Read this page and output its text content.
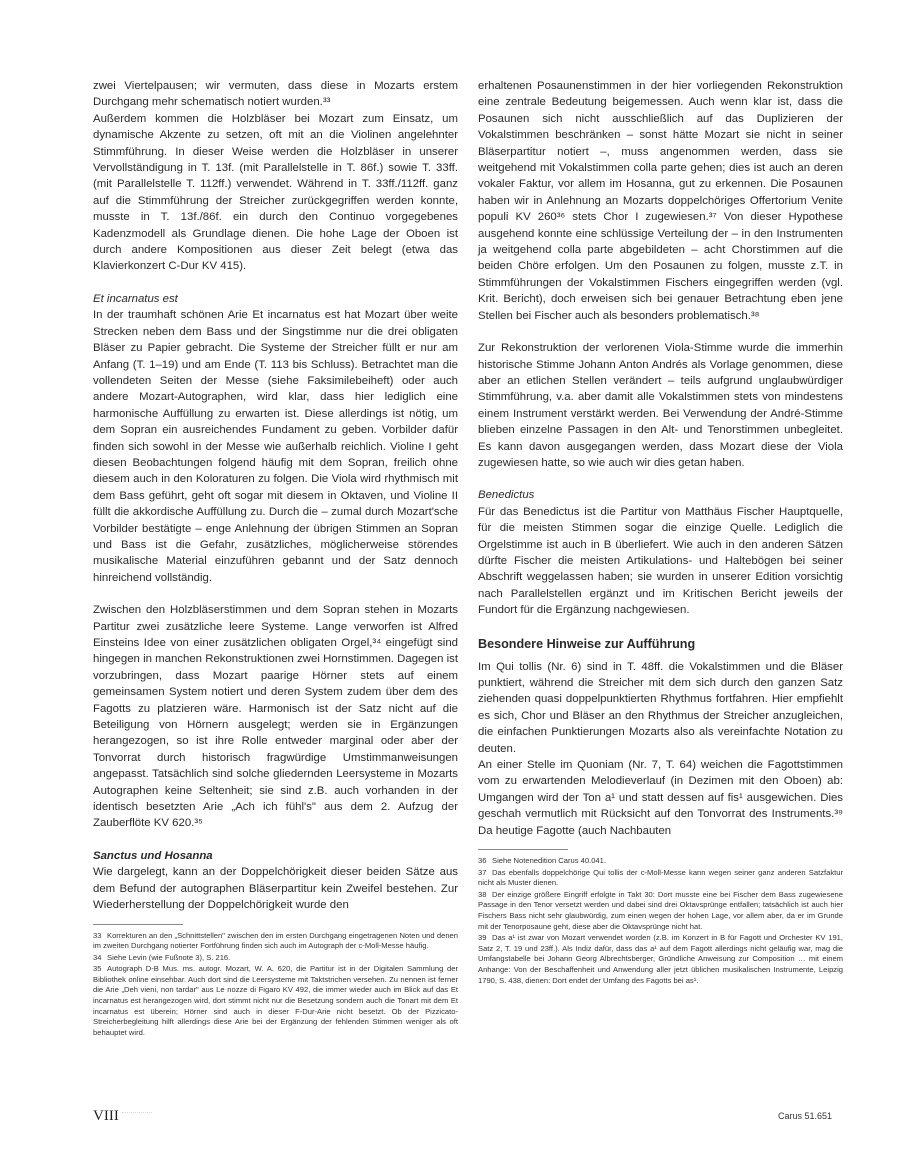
zwei Viertelpausen; wir vermuten, dass diese in Mozarts erstem Durchgang mehr schematisch notiert wurden.³³

Außerdem kommen die Holzbläser bei Mozart zum Einsatz, um dynamische Akzente zu setzen, oft mit an die Violinen angelehnter Stimmführung. In dieser Weise werden die Holzbläser in unserer Vervollständigung in T. 13f. (mit Parallelstelle in T. 86f.) sowie T. 33ff. (mit Parallelstelle T. 112ff.) verwendet. Während in T. 33ff./112ff. ganz auf die Stimmführung der Streicher zurückgegriffen werden konnte, musste in T. 13f./86f. ein durch den Continuo vorgegebenes Kadenzmodell als Grundlage dienen. Die hohe Lage der Oboen ist durch andere Kompositionen aus dieser Zeit belegt (etwa das Klavierkonzert C-Dur KV 415).

Et incarnatus est

In der traumhaft schönen Arie Et incarnatus est hat Mozart über weite Strecken neben dem Bass und der Singstimme nur die drei obligaten Bläser zu Papier gebracht. Die Systeme der Streicher füllt er nur am Anfang (T. 1–19) und am Ende (T. 113 bis Schluss). Betrachtet man die vollendeten Seiten der Messe (siehe Faksimilebeiheft) oder auch andere Mozart-Autographen, wird klar, dass hier lediglich eine harmonische Auffüllung zu erwarten ist. Diese allerdings ist nötig, um dem Sopran ein ausreichendes Fundament zu geben. Vorbilder dafür finden sich sowohl in der Messe wie außerhalb reichlich. Violine I geht diesen Beobachtungen folgend häufig mit dem Sopran, freilich ohne diesem auch in den Koloraturen zu folgen. Die Viola wird rhythmisch mit dem Bass geführt, geht oft sogar mit diesem in Oktaven, und Violine II füllt die akkordische Auffüllung zu. Durch die – zumal durch Mozart'sche Vorbilder bestätigte – enge Anlehnung der übrigen Stimmen an Sopran und Bass ist die Gefahr, zusätzliches, möglicherweise störendes musikalische Material einzuführen gebannt und der Satz dennoch hinreichend vollständig.

Zwischen den Holzbläserstimmen und dem Sopran stehen in Mozarts Partitur zwei zusätzliche leere Systeme. Lange verworfen ist Alfred Einsteins Idee von einer zusätzlichen obligaten Orgel,³⁴ eingefügt sind hingegen in manchen Rekonstruktionen zwei Hornstimmen. Dagegen ist vorzubringen, dass Mozart paarige Hörner stets auf einem gemeinsamen System notiert und deren System zudem über dem des Fagotts zu platzieren wäre. Harmonisch ist der Satz nicht auf die Beteiligung von Hörnern ausgelegt; werden sie in Ergänzungen herangezogen, so ist ihre Rolle entweder marginal oder aber der Tonvorrat durch historisch fragwürdige Umstimmanweisungen angepasst. Tatsächlich sind solche gliedernden Leersysteme in Mozarts Autographen keine Seltenheit; sie sind z.B. auch vorhanden in der identisch besetzten Arie „Ach ich fühl's" aus dem 2. Aufzug der Zauberflöte KV 620.³⁵

Sanctus und Hosanna

Wie dargelegt, kann an der Doppelchörigkeit dieser beiden Sätze aus dem Befund der autographen Bläserpartitur kein Zweifel bestehen. Zur Wiederherstellung der Doppelchörigkeit wurde den

33 Korrekturen an den „Schnittstellen" zwischen den im ersten Durchgang eingetragenen Noten und denen im zweiten Durchgang notierter Fortführung finden sich auch im Autograph der c-Moll-Messe häufig.

34 Siehe Levin (wie Fußnote 3), S. 216.

35 Autograph D-B Mus. ms. autogr. Mozart, W. A. 620, die Partitur ist in der Digitalen Sammlung der Bibliothek online einsehbar. Auch dort sind die Leersysteme mit Taktstrichen versehen. Zu nennen ist ferner die Arie „Deh vieni, non tardar" aus Le nozze di Figaro KV 492, die immer wieder auch im Blick auf das Et incarnatus est herangezogen wird, dort stimmt nicht nur die Besetzung sondern auch die Tonart mit dem Et incarnatus est überein; Hörner sind auch in dieser F-Dur-Arie nicht besetzt. Ob der Pizzicato-Streicherbegleitung hilft allerdings diese Arie bei der Ergänzung der fehlenden Stimmen weniger als oft behauptet wird.

erhaltenen Posaunenstimmen in der hier vorliegenden Rekonstruktion eine zentrale Bedeutung beigemessen. Auch wenn klar ist, dass die Posaunen sich nicht ausschließlich auf das Duplizieren der Vokalstimmen beschränken – sonst hätte Mozart sie nicht in seiner Bläserpartitur notiert –, muss angenommen werden, dass sie weitgehend mit Vokalstimmen colla parte gehen; dies ist auch an deren vokaler Faktur, vor allem im Hosanna, gut zu erkennen. Die Posaunen haben wir in Anlehnung an Mozarts doppelchöriges Offertorium Venite populi KV 260³⁶ stets Chor I zugewiesen.³⁷ Von dieser Hypothese ausgehend konnte eine schlüssige Verteilung der – in den Instrumenten ja weitgehend colla parte abgebildeten – acht Chorstimmen auf die beiden Chöre erfolgen. Um den Posaunen zu folgen, musste z.T. in Stimmführungen der Vokalstimmen Fischers eingegriffen werden (vgl. Krit. Bericht), doch erweisen sich bei genauer Betrachtung eben jene Stellen bei Fischer auch als besonders problematisch.³⁸

Zur Rekonstruktion der verlorenen Viola-Stimme wurde die immerhin historische Stimme Johann Anton Andrés als Vorlage genommen, diese aber an etlichen Stellen verändert – teils aufgrund unglaubwürdiger Stimmführung, v.a. aber damit alle Vokalstimmen stets von mindestens einem Instrument verstärkt werden. Bei Verwendung der André-Stimme blieben einzelne Passagen in den Alt- und Tenorstimmen unbegleitet. Es kann davon ausgegangen werden, dass Mozart diese der Viola zugewiesen hatte, so wie auch wir dies getan haben.

Benedictus

Für das Benedictus ist die Partitur von Matthäus Fischer Hauptquelle, für die meisten Stimmen sogar die einzige Quelle. Lediglich die Orgelstimme ist auch in B überliefert. Wie auch in den anderen Sätzen dürfte Fischer die meisten Artikulations- und Haltebögen bei seiner Abschrift weggelassen haben; sie wurden in unserer Edition vorsichtig nach Parallelstellen ergänzt und im Kritischen Bericht jeweils der Fundort für die Ergänzung nachgewiesen.

Besondere Hinweise zur Aufführung

Im Qui tollis (Nr. 6) sind in T. 48ff. die Vokalstimmen und die Bläser punktiert, während die Streicher mit dem sich durch den ganzen Satz ziehenden quasi doppelpunktierten Rhythmus fortfahren. Hier empfiehlt es sich, Chor und Bläser an den Rhythmus der Streicher anzugleichen, die einfachen Punktierungen Mozarts also als vereinfachte Notation zu deuten.

An einer Stelle im Quoniam (Nr. 7, T. 64) weichen die Fagottstimmen vom zu erwartenden Melodieverlauf (in Dezimen mit den Oboen) ab: Umgangen wird der Ton a¹ und statt dessen auf fis¹ ausgewichen. Dies geschah vermutlich mit Rücksicht auf den Tonvorrat des Instruments.³⁹ Da heutige Fagotte (auch Nachbauten

36 Siehe Notenedition Carus 40.041.

37 Das ebenfalls doppelchörige Qui tollis der c-Moll-Messe kann wegen seiner ganz anderen Satzfaktur nicht als Muster dienen.

38 Der einzige größere Eingriff erfolgte in Takt 30: Dort musste eine bei Fischer dem Bass zugewiesene Passage in den Tenor versetzt werden und dabei sind drei Oktavsprünge entfallen; tatsächlich ist auch hier Fischers Bass nicht sehr glaubwürdig, zum einen wegen der hohen Lage, vor allem aber, da er im Grunde mit der Tenorposaune geht, diese aber die Oktavsprünge nicht hat.

39 Das a¹ ist zwar von Mozart verwendet worden (z.B. im Konzert in B für Fagott und Orchester KV 191, Satz 2, T. 19 und 23ff.). Als Indiz dafür, dass das a¹ auf dem Fagott allerdings nicht geläufig war, mag die Umfangstabelle bei Johann Georg Albrechtsberger, Gründliche Anweisung zur Composition … mit einem Anhange: Von der Beschaffenheit und Anwendung aller jetzt üblichen musikalischen Instrumente, Leipzig 1790, S. 438, dienen: Dort endet der Umfang des Fagotts bei as¹.

VIII	Carus 51.651
